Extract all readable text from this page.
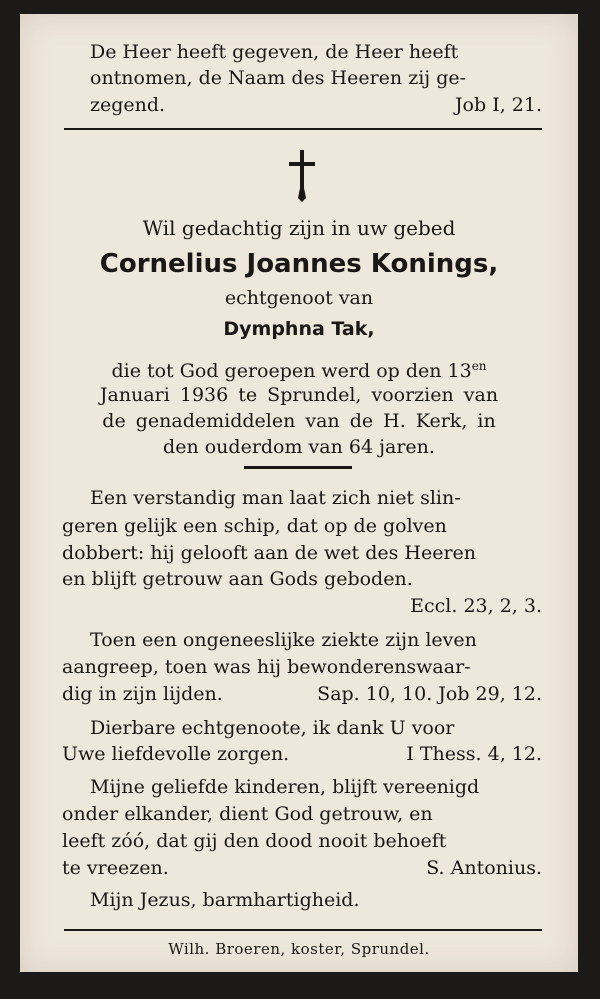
De Heer heeft gegeven, de Heer heeft
ontnomen, de Naam des Heeren zij ge-
zegend.	Job I, 21.
Wil gedachtig zijn in uw gebed
Cornelius Joannes Konings,
echtgenoot van
Dymphna Tak,
die tot God geroepen werd op den $13^{en}$
Januari 1936 te Sprundel, voorzien van
de genademiddelen van de H. Kerk, in
den ouderdom van 64 jaren.
Een verstandig man laat zich niet slin-
geren gelijk een schip, dat op de golven
dobbert: hij gelooft aan de wet des Heeren
en blijft getrouw aan Gods geboden.
Eccl. 23, 2, 3.
Toen een ongeneeslijke ziekte zijn leven
aangreep, toen was hij bewonderenswaar-
dig in zijn lijden.	Sap. 10, 10. Job 29, 12.
Dierbare echtgenoote, ik dank U voor
Uwe liefdevolle zorgen.	I Thess. 4, 12.
Mijne geliefde kinderen, blijft vereenigd
onder elkander, dient God getrouw, en
leeft zóó, dat gij den dood nooit behoeft
te vreezen.	S. Antonius.
Mijn Jezus, barmhartigheid.
Wilh. Broeren, koster, Sprundel.
